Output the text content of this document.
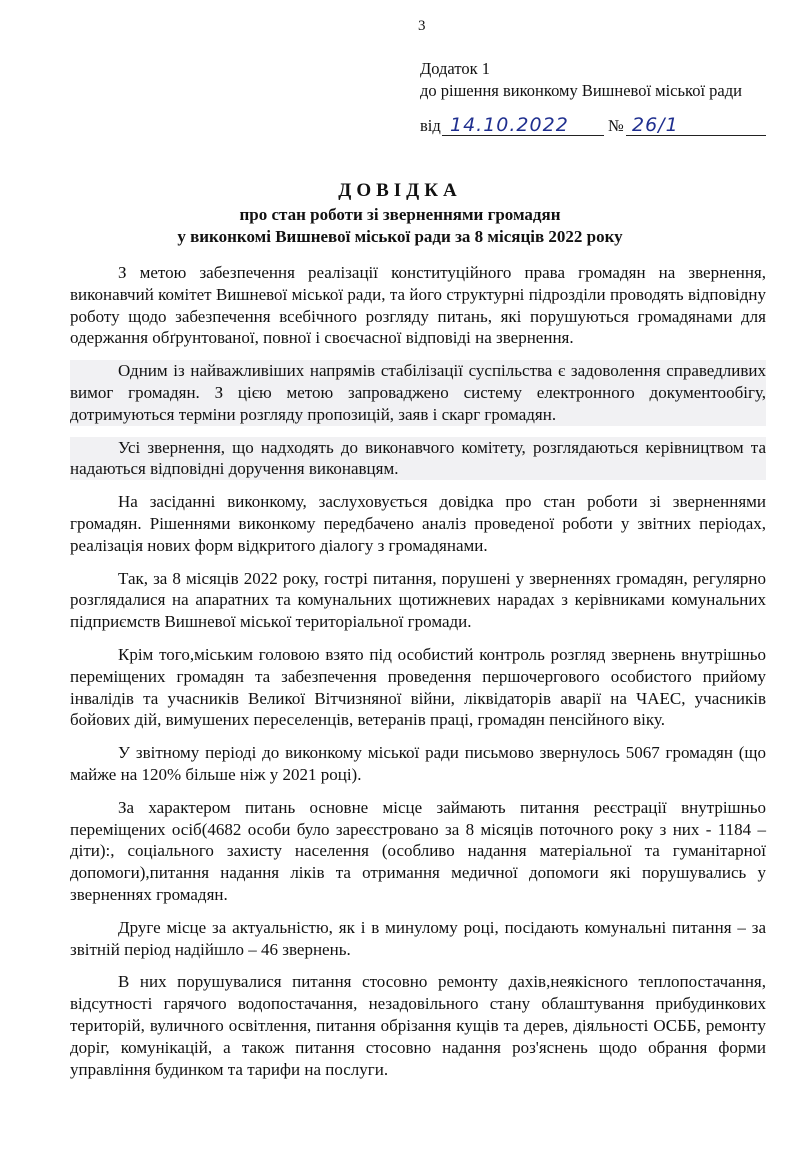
3
Додаток 1
до рішення виконкому Вишневої міської ради
від 14.10.2022 № 26/1
ДОВІДКА
про стан роботи зі зверненнями громадян
у виконкомі Вишневої міської ради за 8 місяців 2022 року

З метою забезпечення реалізації конституційного права громадян на звернення, виконавчий комітет Вишневої міської ради, та його структурні підрозділи проводять відповідну роботу щодо забезпечення всебічного розгляду питань, які порушуються громадянами для одержання обґрунтованої, повної і своєчасної відповіді на звернення.

Одним із найважливіших напрямів стабілізації суспільства є задоволення справедливих вимог громадян. З цією метою запроваджено систему електронного документообігу, дотримуються терміни розгляду пропозицій, заяв і скарг громадян.

Усі звернення, що надходять до виконавчого комітету, розглядаються керівництвом та надаються відповідні доручення виконавцям.

На засіданні виконкому, заслуховується довідка про стан роботи зі зверненнями громадян. Рішеннями виконкому передбачено аналіз проведеної роботи у звітних періодах, реалізація нових форм відкритого діалогу з громадянами.

Так, за 8 місяців 2022 року, гострі питання, порушені у зверненнях громадян, регулярно розглядалися на апаратних та комунальних щотижневих нарадах з керівниками комунальних підприємств Вишневої міської територіальної громади.

Крім того,міським головою взято під особистий контроль розгляд звернень внутрішньо переміщених громадян та забезпечення проведення першочергового особистого прийому інвалідів та учасників Великої Вітчизняної війни, ліквідаторів аварії на ЧАЕС, учасників бойових дій, вимушених переселенців, ветеранів праці, громадян пенсійного віку.

У звітному періоді до виконкому міської ради письмово звернулось 5067 громадян (що майже на 120% більше ніж у 2021 році).

За характером питань основне місце займають питання реєстрації внутрішньо переміщених осіб(4682 особи було зареєстровано за 8 місяців поточного року з них - 1184 – діти):, соціального захисту населення (особливо надання матеріальної та гуманітарної допомоги),питання надання ліків та отримання медичної допомоги які порушувались у зверненнях громадян.

Друге місце за актуальністю, як і в минулому році, посідають комунальні питання – за звітній період надійшло – 46 звернень.

В них порушувалися питання стосовно ремонту дахів,неякісного теплопостачання, відсутності гарячого водопостачання, незадовільного стану облаштування прибудинкових територій, вуличного освітлення, питання обрізання кущів та дерев, діяльності ОСББ, ремонту доріг, комунікацій, а також питання стосовно надання роз'яснень щодо обрання форми управління будинком та тарифи на послуги.
